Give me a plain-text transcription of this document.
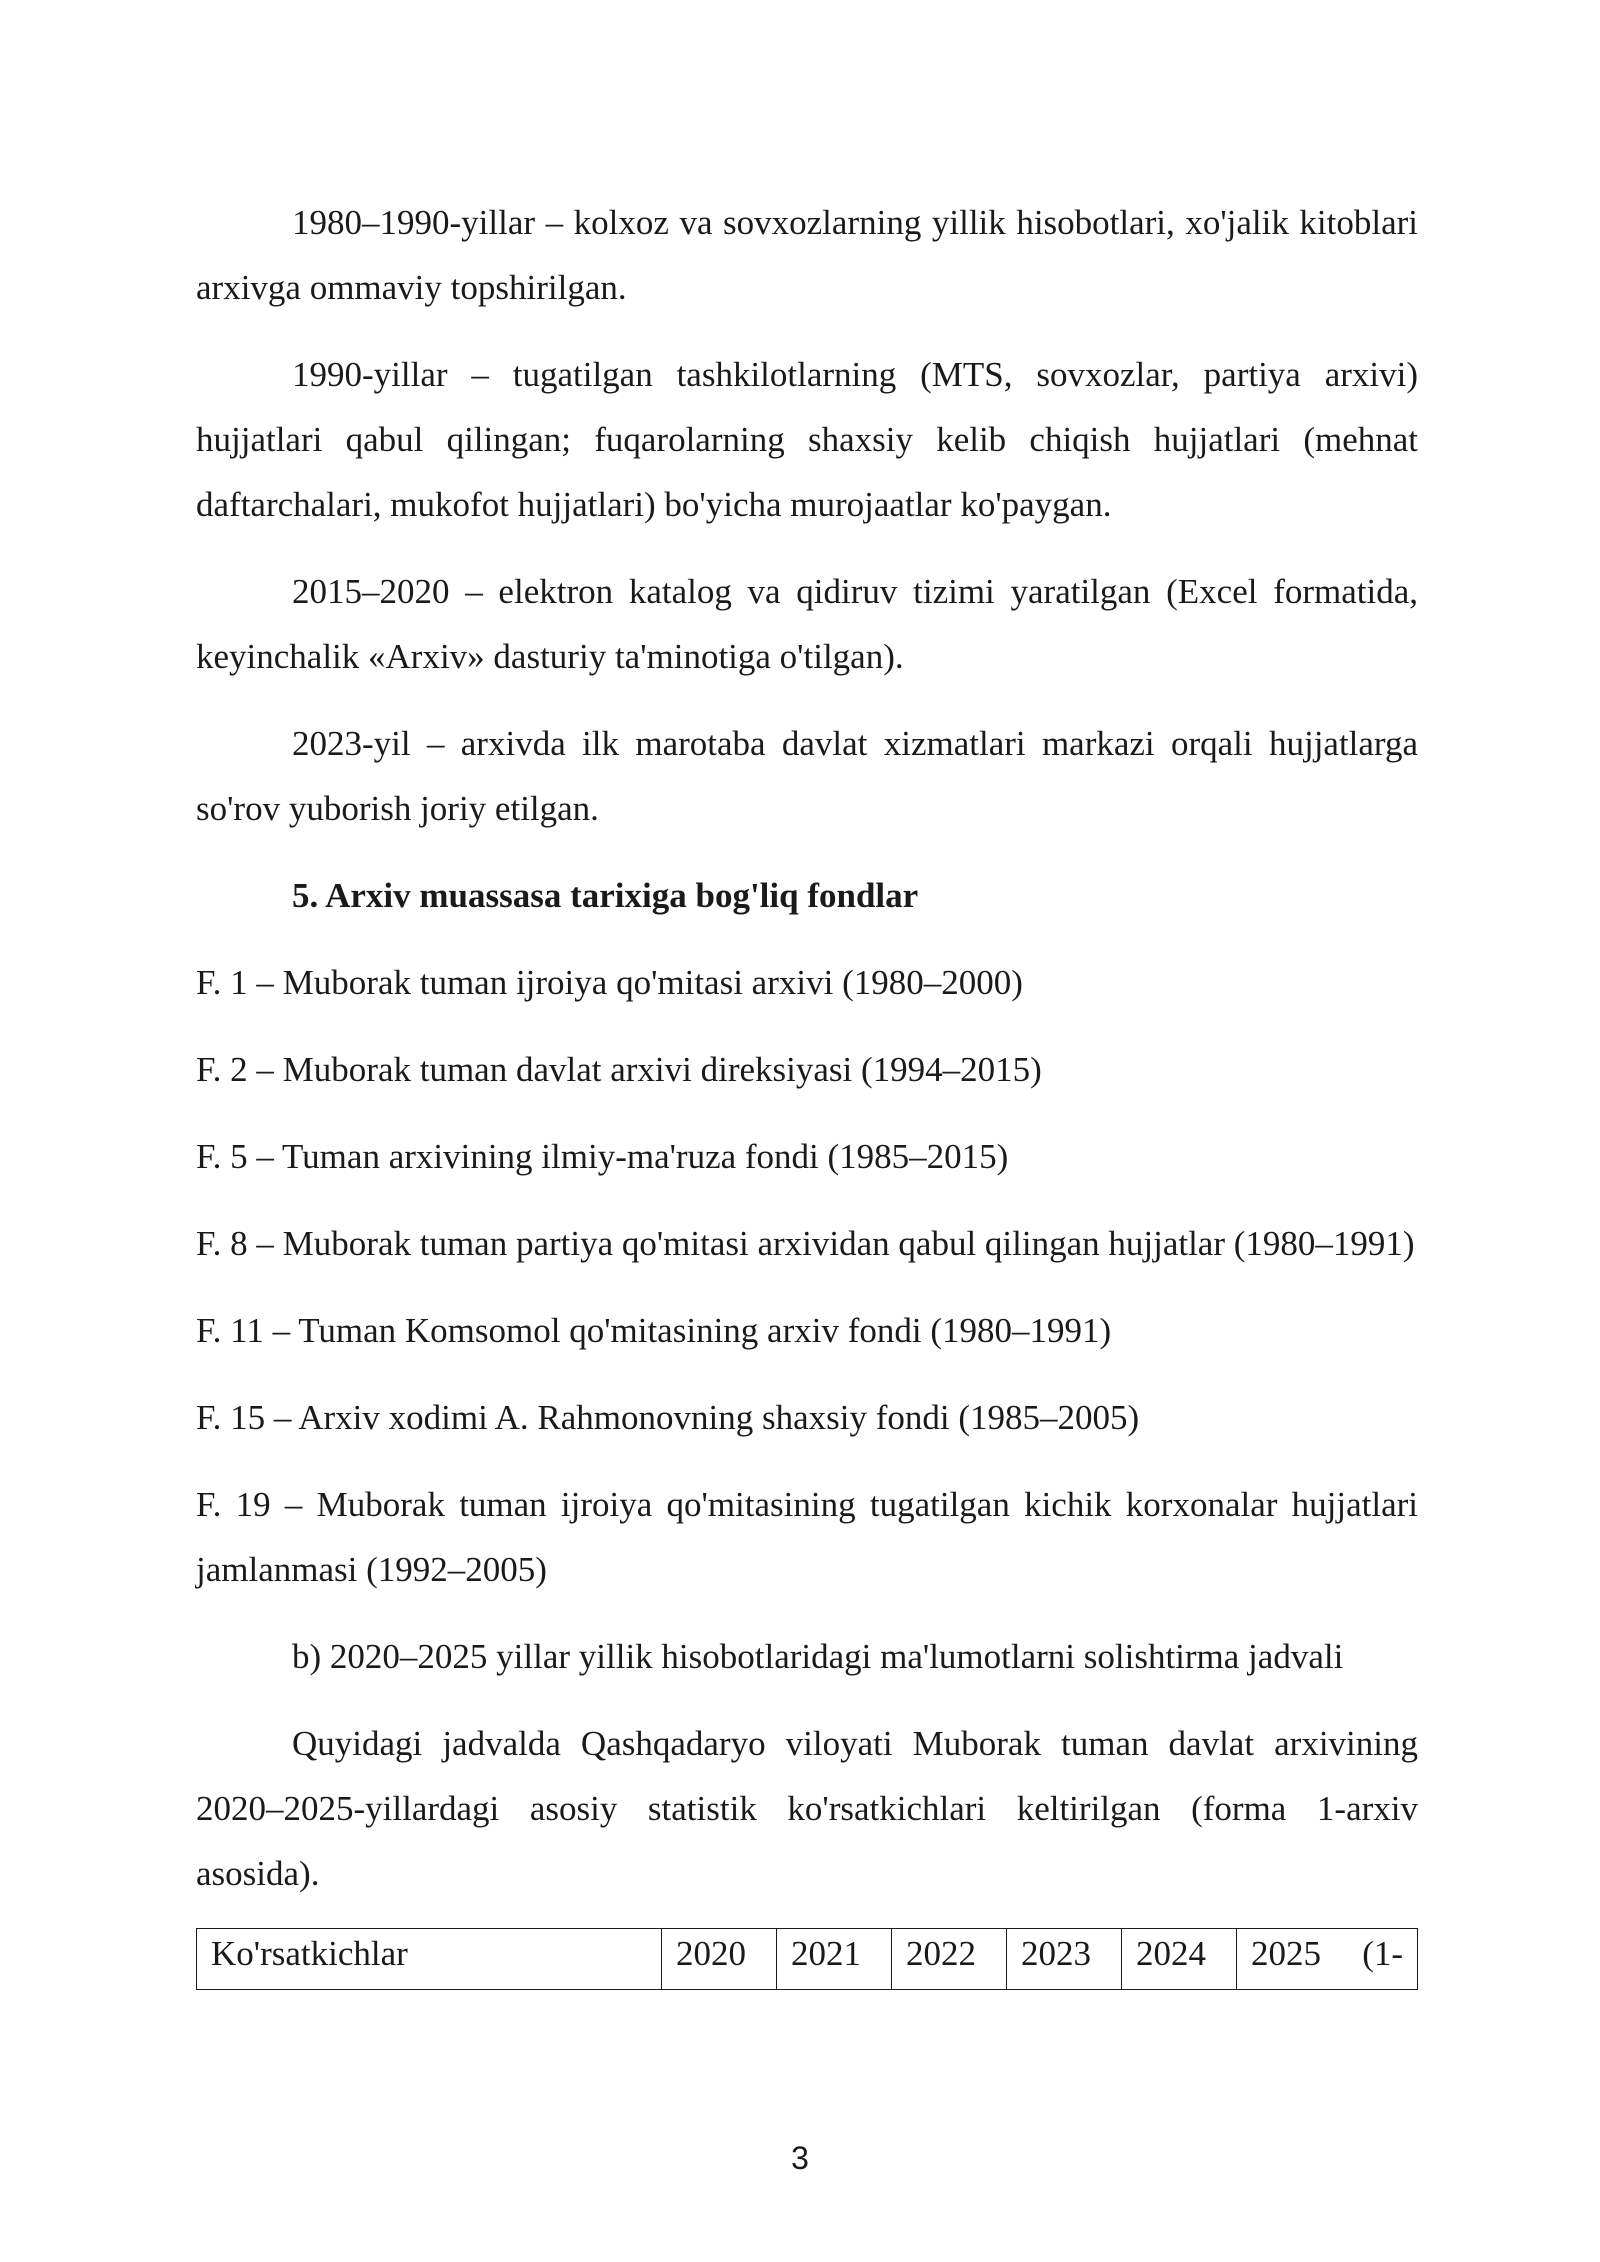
1980–1990-yillar – kolxoz va sovxozlarning yillik hisobotlari, xo'jalik kitoblari arxivga ommaviy topshirilgan.

1990-yillar – tugatilgan tashkilotlarning (MTS, sovxozlar, partiya arxivi) hujjatlari qabul qilingan; fuqarolarning shaxsiy kelib chiqish hujjatlari (mehnat daftarchalari, mukofot hujjatlari) bo'yicha murojaatlar ko'paygan.

2015–2020 – elektron katalog va qidiruv tizimi yaratilgan (Excel formatida, keyinchalik «Arxiv» dasturiy ta'minotiga o'tilgan).

2023-yil – arxivda ilk marotaba davlat xizmatlari markazi orqali hujjatlarga so'rov yuborish joriy etilgan.

5. Arxiv muassasa tarixiga bog'liq fondlar

F. 1 – Muborak tuman ijroiya qo'mitasi arxivi (1980–2000)

F. 2 – Muborak tuman davlat arxivi direksiyasi (1994–2015)

F. 5 – Tuman arxivining ilmiy-ma'ruza fondi (1985–2015)

F. 8 – Muborak tuman partiya qo'mitasi arxividan qabul qilingan hujjatlar (1980–1991)

F. 11 – Tuman Komsomol qo'mitasining arxiv fondi (1980–1991)

F. 15 – Arxiv xodimi A. Rahmonovning shaxsiy fondi (1985–2005)

F. 19 – Muborak tuman ijroiya qo'mitasining tugatilgan kichik korxonalar hujjatlari jamlanmasi (1992–2005)

b) 2020–2025 yillar yillik hisobotlaridagi ma'lumotlarni solishtirma jadvali

Quyidagi jadvalda Qashqadaryo viloyati Muborak tuman davlat arxivining 2020–2025-yillardagi asosiy statistik ko'rsatkichlari keltirilgan (forma 1-arxiv asosida).

Ko'rsatkichlar	2020	2021	2022	2023	2024	2025 (1-
3
